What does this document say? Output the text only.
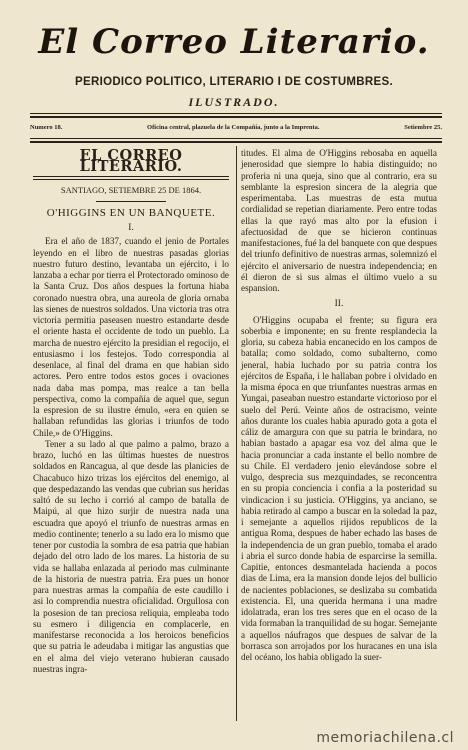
El Correo Literario.
PERIODICO POLITICO, LITERARIO I DE COSTUMBRES.
ILUSTRADO.
Numero 18.	Oficina central, plazuela de la Compañía, junto a la Imprenta.	Setiembre 25.
EL CORREO LITERARIO.
SANTIAGO, SETIEMBRE 25 DE 1864.
O'HIGGINS EN UN BANQUETE.
I.

Era el año de 1837, cuando el jenio de Portales leyendo en el libro de nuestras pasadas glorias nuestro futuro destino, levantaba un ejército, i lo lanzaba a echar por tierra el Protectorado ominoso de la Santa Cruz. Dos años despues la fortuna hiaba coronado nuestra obra, una aureola de gloria ornaba las sienes de nuestros soldados. Una victoria tras otra victoria permitia paseasen nuestro estandarte desde el oriente hasta el occidente de todo un pueblo. La marcha de nuestro ejército la presidian el regocijo, el entusiasmo i los festejos. Todo correspondia al desenlace, al final del drama en que habian sido actores. Pero entre todos estos goces i ovaciones nada daba mas pompa, mas realce a tan bella perspectiva, como la compañía de aquel que, segun la espresion de su ilustre émulo, «era en quien se hallaban refundidas las glorias i triunfos de todo Chile,» de O'Higgins.

Tener a su lado al que palmo a palmo, brazo a brazo, luchó en las últimas huestes de nuestros soldados en Rancagua, al que desde las planicies de Chacabuco hizo trizas los ejércitos del enemigo, al que despedazando las vendas que cubrian sus heridas saltó de su lecho i corrió al campo de batalla de Maipú, al que hizo surjir de nuestra nada una escuadra que apoyó el triunfo de nuestras armas en medio continente; tenerlo a su lado era lo mismo que tener por custodia la sombra de esa patria que habian dejado del otro lado de los mares. La historia de su vida se hallaba enlazada al periodo mas culminante de la historia de nuestra patria. Era pues un honor para nuestras armas la compañía de este caudillo i asi lo comprendia nuestra oficialidad. Orgullosa con la posesion de tan preciosa reliquia, empleaba todo su esmero i diligencia en complacerle, en manifestarse reconocida a los heroicos beneficios que su patria le adeudaba i mitigar las angustias que en el alma del viejo veterano hubieran causado nuestras ingra-

titudes. El alma de O'Higgins rebosaba en aquella jenerosidad que siempre lo habia distinguido; no proferia ni una queja, sino que al contrario, era su semblante la espresion sincera de la alegria que esperimentaba. Las muestras de esta mutua cordialidad se repetian diariamente. Pero entre todas ellas la que rayó mas alto por la efusion i afectuosidad de que se hicieron continuas manifestaciones, fué la del banquete con que despues del triunfo definitivo de nuestras armas, solemnizó el ejército el aniversario de nuestra independencia; en él dieron de si sus almas el último vuelo a su espansion.

II.

O'Higgins ocupaba el frente; su figura era soberbia e imponente; en su frente resplandecia la gloria, su cabeza habia encanecido en los campos de batalla; como soldado, como subalterno, como jeneral, habia luchado por su patria contra los ejércitos de España, i le hallaban pobre i olvidado en la misma época en que triunfantes nuestras armas en Yungai, paseaban nuestro estandarte victorioso por el suelo del Perú. Veinte años de ostracismo, veinte años durante los cuales habia apurado gota a gota el cáliz de amargura con que su patria le brindara, no habian bastado a apagar esa voz del alma que le hacia pronunciar a cada instante el bello nombre de su Chile. El verdadero jenio elevándose sobre el vulgo, desprecia sus mezquindades, se reconcentra en su propia conciencia i confia a la posteridad su vindicacion i su justicia. O'Higgins, ya anciano, se habia retirado al campo a buscar en la soledad la paz, i semejante a aquellos rijidos republicos de la antigua Roma, despues de haber echado las bases de la independencia de un gran pueblo, tomaba el arado i abria el surco donde habia de esparcirse la semilla. Capitie, entonces desmantelada hacienda a pocos dias de Lima, era la mansion donde lejos del bullicio de nacientes poblaciones, se deslizaba su combatida existencia. El, una querida hermana i una madre idolatrada, eran los tres seres que en el ocaso de la vida formaban la tranquilidad de su hogar. Semejante a aquellos náufragos que despues de salvar de la borrasca son arrojados por los huracanes en una isla del océano, los habia obligado la suer-

memoriachilena.cl
